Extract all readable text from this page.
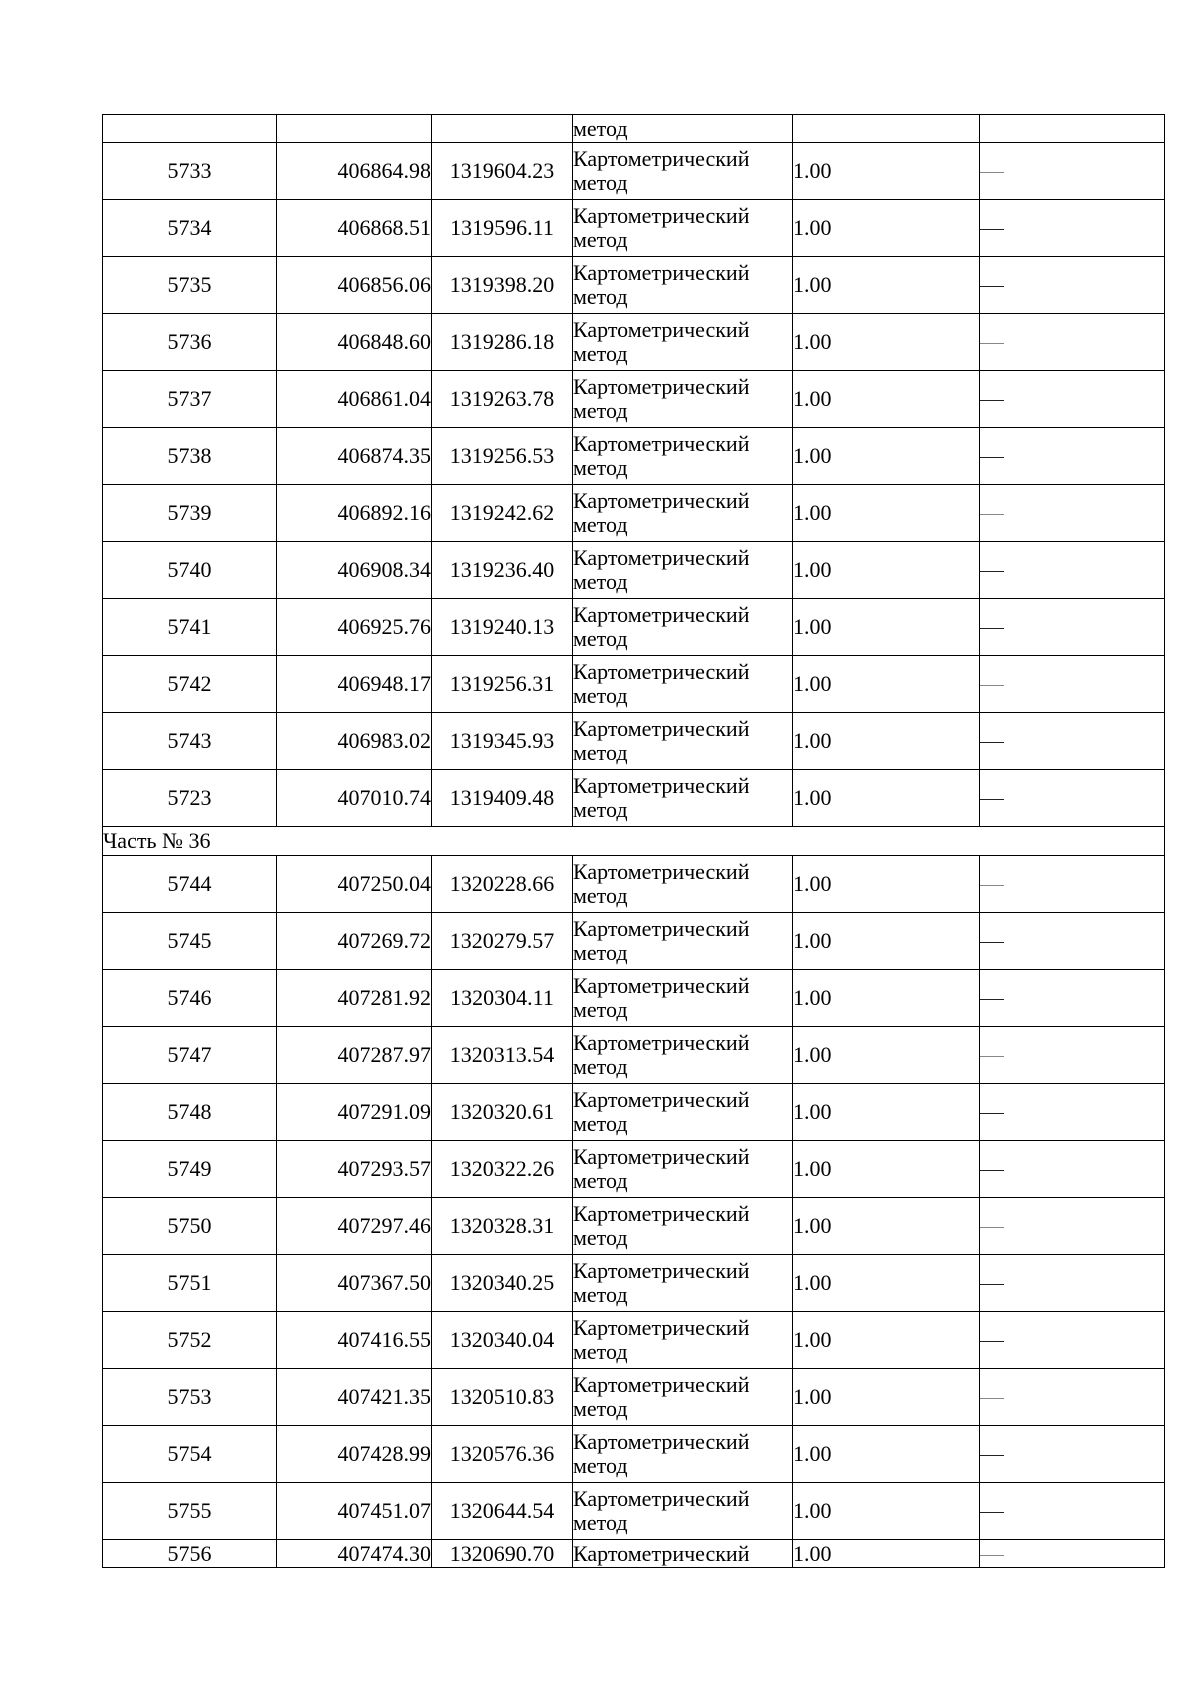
			метод		

5733	406864.98	1319604.23	Картометрический
метод	1.00	
5734	406868.51	1319596.11	Картометрический
метод	1.00	
5735	406856.06	1319398.20	Картометрический
метод	1.00	
5736	406848.60	1319286.18	Картометрический
метод	1.00	
5737	406861.04	1319263.78	Картометрический
метод	1.00	
5738	406874.35	1319256.53	Картометрический
метод	1.00	
5739	406892.16	1319242.62	Картометрический
метод	1.00	
5740	406908.34	1319236.40	Картометрический
метод	1.00	
5741	406925.76	1319240.13	Картометрический
метод	1.00	
5742	406948.17	1319256.31	Картометрический
метод	1.00	
5743	406983.02	1319345.93	Картометрический
метод	1.00	
5723	407010.74	1319409.48	Картометрический
метод	1.00	
Часть № 36					
5744	407250.04	1320228.66	Картометрический
метод	1.00	
5745	407269.72	1320279.57	Картометрический
метод	1.00	
5746	407281.92	1320304.11	Картометрический
метод	1.00	
5747	407287.97	1320313.54	Картометрический
метод	1.00	
5748	407291.09	1320320.61	Картометрический
метод	1.00	
5749	407293.57	1320322.26	Картометрический
метод	1.00	
5750	407297.46	1320328.31	Картометрический
метод	1.00	
5751	407367.50	1320340.25	Картометрический
метод	1.00	
5752	407416.55	1320340.04	Картометрический
метод	1.00	
5753	407421.35	1320510.83	Картометрический
метод	1.00	
5754	407428.99	1320576.36	Картометрический
метод	1.00	
5755	407451.07	1320644.54	Картометрический
метод	1.00	
5756	407474.30	1320690.70	Картометрический	1.00	
